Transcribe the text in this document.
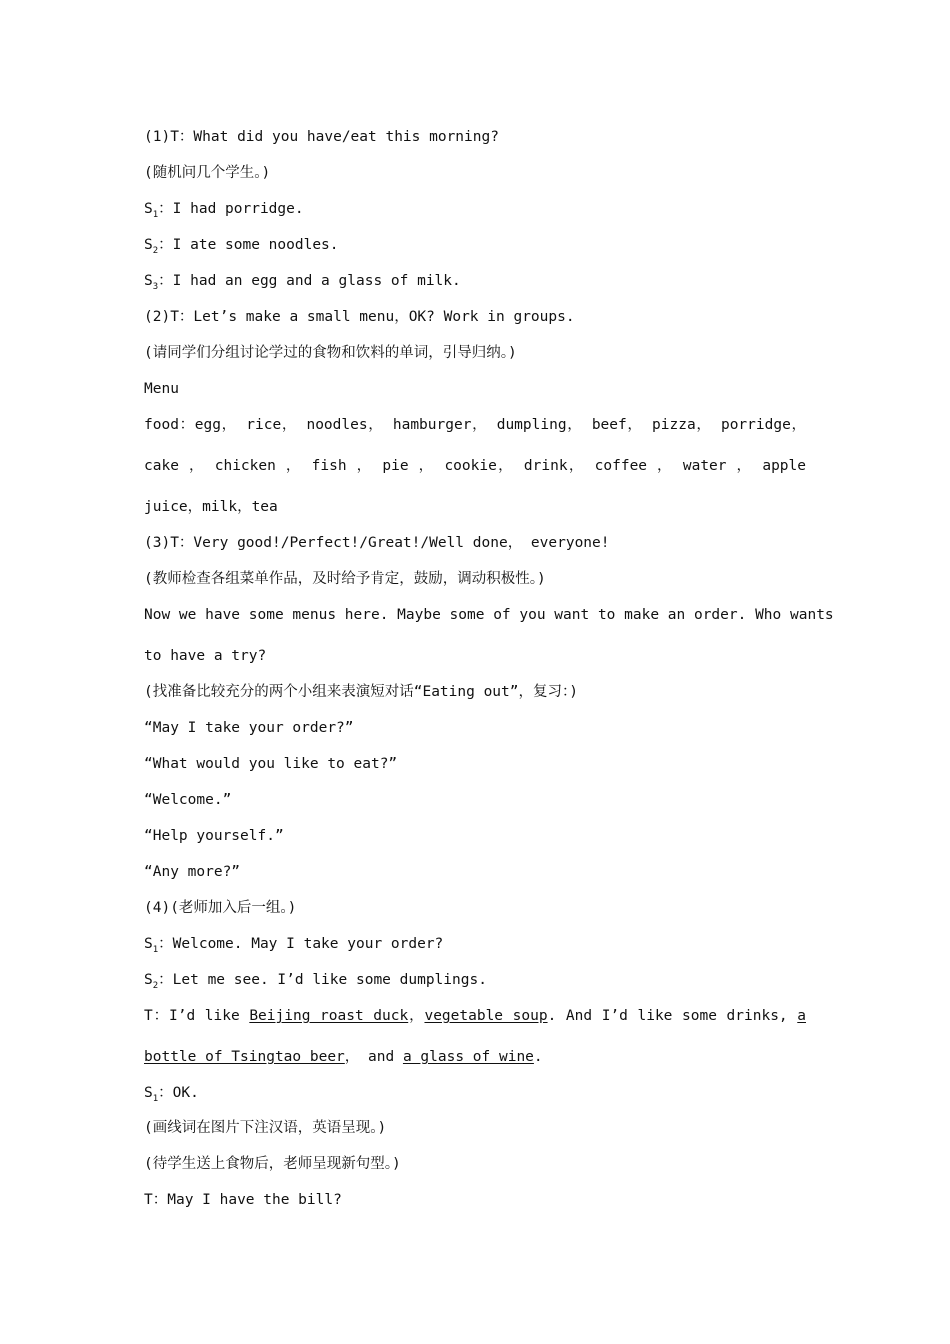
(1)T：What did you have/eat this morning?
(随机问几个学生。)
$S_1$：I had porridge.
$S_2$：I ate some noodles.
$S_3$：I had an egg and a glass of milk.
(2)T：Let’s make a small menu，OK? Work in groups.
(请同学们分组讨论学过的食物和饮料的单词，引导归纳。)
Menu
food：egg， rice， noodles， hamburger， dumpling， beef， pizza， porridge，
cake ， chicken ， fish ， pie ， cookie， drink， coffee ， water ， apple
juice，milk，tea
(3)T：Very good!/Perfect!/Great!/Well done， everyone!
(教师检查各组菜单作品，及时给予肯定，鼓励，调动积极性。)
Now we have some menus here. Maybe some of you want to make an order. Who wants
to have a try?
(找准备比较充分的两个小组来表演短对话“Eating out”，复习：)
“May I take your order?”
“What would you like to eat?”
“Welcome.”
“Help yourself.”
“Any more?”
(4)(老师加入后一组。)
$S_1$：Welcome. May I take your order?
$S_2$：Let me see. I’d like some dumplings.
T：I’d like Beijing roast duck，vegetable soup. And I’d like some drinks, a
bottle of Tsingtao beer， and a glass of wine.
$S_1$：OK.
(画线词在图片下注汉语，英语呈现。)
(待学生送上食物后，老师呈现新句型。)
T：May I have the bill?
